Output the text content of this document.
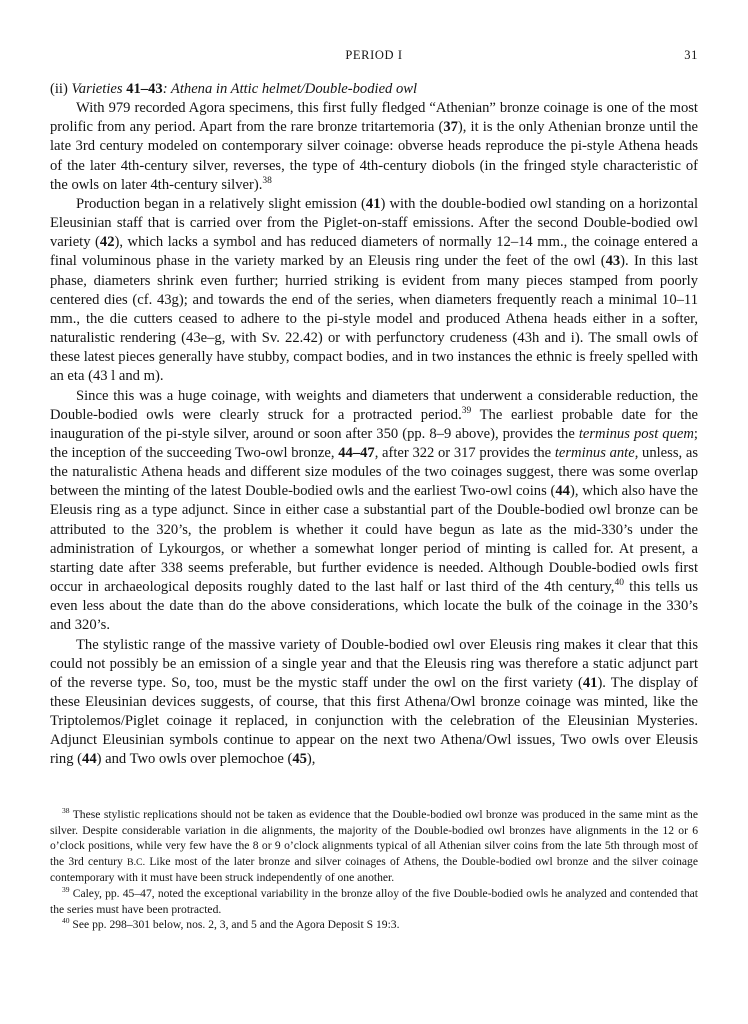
PERIOD I	31

(ii) Varieties 41–43: Athena in Attic helmet/Double-bodied owl

With 979 recorded Agora specimens, this first fully fledged “Athenian” bronze coinage is one of the most prolific from any period. Apart from the rare bronze tritartemoria (37), it is the only Athenian bronze until the late 3rd century modeled on contemporary silver coinage: obverse heads reproduce the pi-style Athena heads of the later 4th-century silver, reverses, the type of 4th-century diobols (in the fringed style characteristic of the owls on later 4th-century silver).$^{38}$

Production began in a relatively slight emission (41) with the double-bodied owl standing on a horizontal Eleusinian staff that is carried over from the Piglet-on-staff emissions. After the second Double-bodied owl variety (42), which lacks a symbol and has reduced diameters of normally 12–14 mm., the coinage entered a final voluminous phase in the variety marked by an Eleusis ring under the feet of the owl (43). In this last phase, diameters shrink even further; hurried striking is evident from many pieces stamped from poorly centered dies (cf. 43g); and towards the end of the series, when diameters frequently reach a minimal 10–11 mm., the die cutters ceased to adhere to the pi-style model and produced Athena heads either in a softer, naturalistic rendering (43e–g, with Sv. 22.42) or with perfunctory crudeness (43h and i). The small owls of these latest pieces generally have stubby, compact bodies, and in two instances the ethnic is freely spelled with an eta (43 l and m).

Since this was a huge coinage, with weights and diameters that underwent a considerable reduction, the Double-bodied owls were clearly struck for a protracted period.$^{39}$ The earliest probable date for the inauguration of the pi-style silver, around or soon after 350 (pp. 8–9 above), provides the terminus post quem; the inception of the succeeding Two-owl bronze, 44–47, after 322 or 317 provides the terminus ante, unless, as the naturalistic Athena heads and different size modules of the two coinages suggest, there was some overlap between the minting of the latest Double-bodied owls and the earliest Two-owl coins (44), which also have the Eleusis ring as a type adjunct. Since in either case a substantial part of the Double-bodied owl bronze can be attributed to the 320’s, the problem is whether it could have begun as late as the mid-330’s under the administration of Lykourgos, or whether a somewhat longer period of minting is called for. At present, a starting date after 338 seems preferable, but further evidence is needed. Although Double-bodied owls first occur in archaeological deposits roughly dated to the last half or last third of the 4th century,$^{40}$ this tells us even less about the date than do the above considerations, which locate the bulk of the coinage in the 330’s and 320’s.

The stylistic range of the massive variety of Double-bodied owl over Eleusis ring makes it clear that this could not possibly be an emission of a single year and that the Eleusis ring was therefore a static adjunct part of the reverse type. So, too, must be the mystic staff under the owl on the first variety (41). The display of these Eleusinian devices suggests, of course, that this first Athena/Owl bronze coinage was minted, like the Triptolemos/Piglet coinage it replaced, in conjunction with the celebration of the Eleusinian Mysteries. Adjunct Eleusinian symbols continue to appear on the next two Athena/Owl issues, Two owls over Eleusis ring (44) and Two owls over plemochoe (45),

$^{38}$ These stylistic replications should not be taken as evidence that the Double-bodied owl bronze was produced in the same mint as the silver. Despite considerable variation in die alignments, the majority of the Double-bodied owl bronzes have alignments in the 12 or 6 o’clock positions, while very few have the 8 or 9 o’clock alignments typical of all Athenian silver coins from the late 5th through most of the 3rd century B.C. Like most of the later bronze and silver coinages of Athens, the Double-bodied owl bronze and the silver coinage contemporary with it must have been struck independently of one another.

$^{39}$ Caley, pp. 45–47, noted the exceptional variability in the bronze alloy of the five Double-bodied owls he analyzed and contended that the series must have been protracted.

$^{40}$ See pp. 298–301 below, nos. 2, 3, and 5 and the Agora Deposit S 19:3.
